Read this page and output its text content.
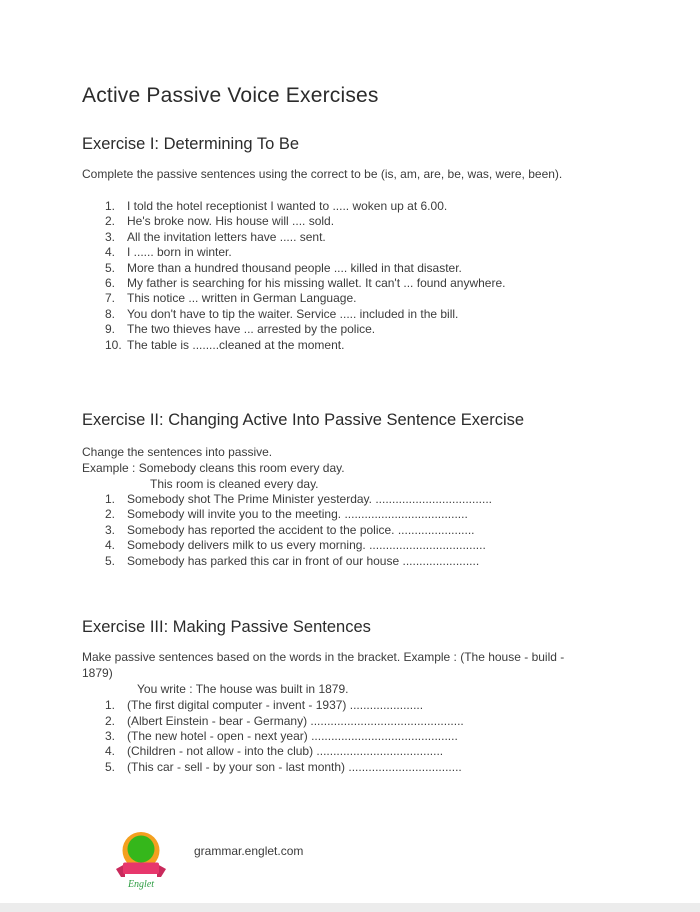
Active Passive Voice Exercises
Exercise I: Determining To Be

Complete the passive sentences using the correct to be (is, am, are, be, was, were, been).

1. I told the hotel receptionist I wanted to ..... woken up at 6.00.
2. He's broke now. His house will .... sold.
3. All the invitation letters have ..... sent.
4. I ...... born in winter.
5. More than a hundred thousand people .... killed in that disaster.
6. My father is searching for his missing wallet. It can't ... found anywhere.
7. This notice ... written in German Language.
8. You don't have to tip the waiter. Service ..... included in the bill.
9. The two thieves have ... arrested by the police.
10. The table is ........cleaned at the moment.
Exercise II: Changing Active Into Passive Sentence Exercise

Change the sentences into passive.

Example : Somebody cleans this room every day.

This room is cleaned every day.

1. Somebody shot The Prime Minister yesterday. ...................................
2. Somebody will invite you to the meeting. .....................................
3. Somebody has reported the accident to the police. .......................
4. Somebody delivers milk to us every morning. ...................................
5. Somebody has parked this car in front of our house .......................
Exercise III: Making Passive Sentences

Make passive sentences based on the words in the bracket. Example : (The house - build -

1879)

You write : The house was built in 1879.

1. (The first digital computer - invent - 1937) ......................
2. (Albert Einstein - bear - Germany) ..............................................
3. (The new hotel - open - next year) ............................................
4. (Children - not allow - into the club) ......................................
5. (This car - sell - by your son - last month) ..................................
Englet
grammar.englet.com
